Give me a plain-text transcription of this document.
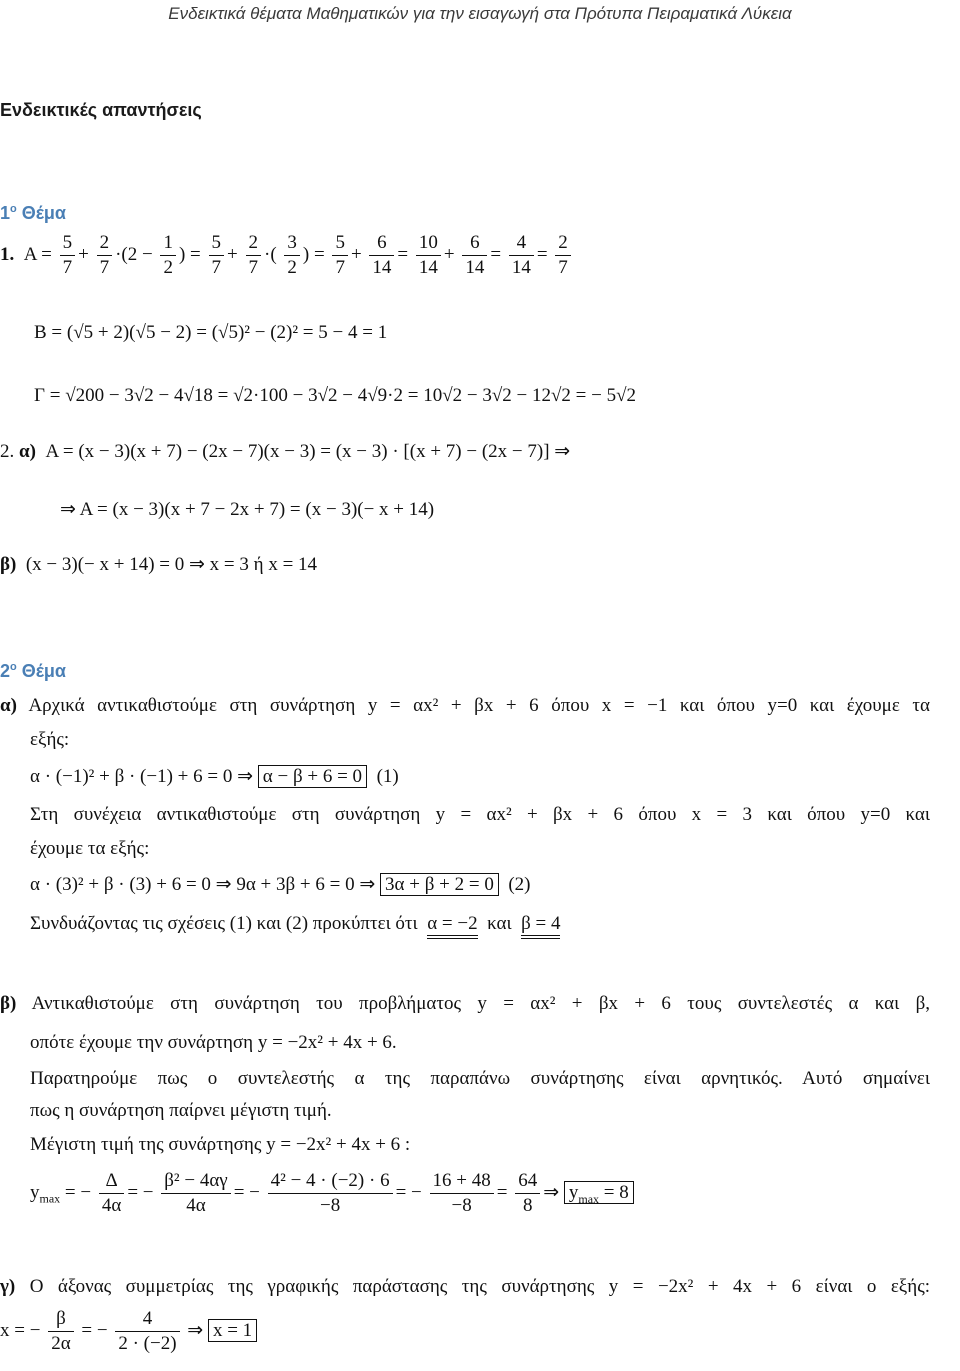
Ενδεικτικά θέματα Μαθηματικών για την εισαγωγή στα Πρότυπα Πειραματικά Λύκεια
Ενδεικτικές απαντήσεις
$1^o$ Θέμα
1.  $A = \frac{5}{7} + \frac{2}{7} \cdot(2 - \frac{1}{2}$ ) = $\frac{5}{7} + \frac{2}{7}$ ·( $\frac{3}{2}$ ) = $\frac{5}{7} + \frac{6}{14} = \frac{10}{14} + \frac{6}{14} = \frac{4}{14} = \frac{2}{7}$
B = (√5 + 2)(√5 − 2) = (√5)² − (2)² = 5 − 4 = 1
Γ = √200 − 3√2 − 4√18 = √2·100 − 3√2 − 4√9·2 = 10√2 − 3√2 − 12√2 = − 5√2
2. α) A = (x − 3)(x + 7) − (2x − 7)(x − 3) = (x − 3) · [(x + 7) − (2x − 7)] ⇒
⇒ A = (x − 3)(x + 7 − 2x + 7) = (x − 3)(− x + 14)
β) (x − 3)(− x + 14) = 0 ⇒ x = 3 ή x = 14
$2^o$ Θέμα
α) Αρχικά αντικαθιστούμε στη συνάρτηση y = αx² + βx + 6 όπου x = −1 και όπου y=0 και έχουμε τα
εξής:
α · (−1)² + β · (−1) + 6 = 0 ⇒ α − β + 6 = 0 (1)
Στη συνέχεια αντικαθιστούμε στη συνάρτηση y = αx² + βx + 6 όπου x = 3 και όπου y=0 και
έχουμε τα εξής:
α · (3)² + β · (3) + 6 = 0 ⇒ 9α + 3β + 6 = 0 ⇒ 3α + β + 2 = 0 (2)
Συνδυάζοντας τις σχέσεις (1) και (2) προκύπτει ότι α = −2 και β = 4
β) Αντικαθιστούμε στη συνάρτηση του προβλήματος y = αx² + βx + 6 τους συντελεστές α και β,
οπότε έχουμε την συνάρτηση y = −2x² + 4x + 6.
Παρατηρούμε πως ο συντελεστής α της παραπάνω συνάρτησης είναι αρνητικός. Αυτό σημαίνει
πως η συνάρτηση παίρνει μέγιστη τιμή.
Μέγιστη τιμή της συνάρτησης y = −2x² + 4x + 6 :
$y_{max}$ = − $\frac{\Delta}{4\alpha}$ = − $\frac{\text{β² − 4αγ}}{4\alpha}$ = − $\frac{\text{4² − 4 · (−2) · 6}}{-8}$ = − $\frac{16 + 48}{-8} = \frac{64}{8}$ ⇒ $y_{max} = 8$
γ) Ο άξονας συμμετρίας της γραφικής παράστασης της συνάρτησης y = −2x² + 4x + 6 είναι ο εξής:
x = − $\frac{\beta}{2\alpha}$ = − $\frac{4}{2 \cdot (-2)}$ ⇒ x = 1
